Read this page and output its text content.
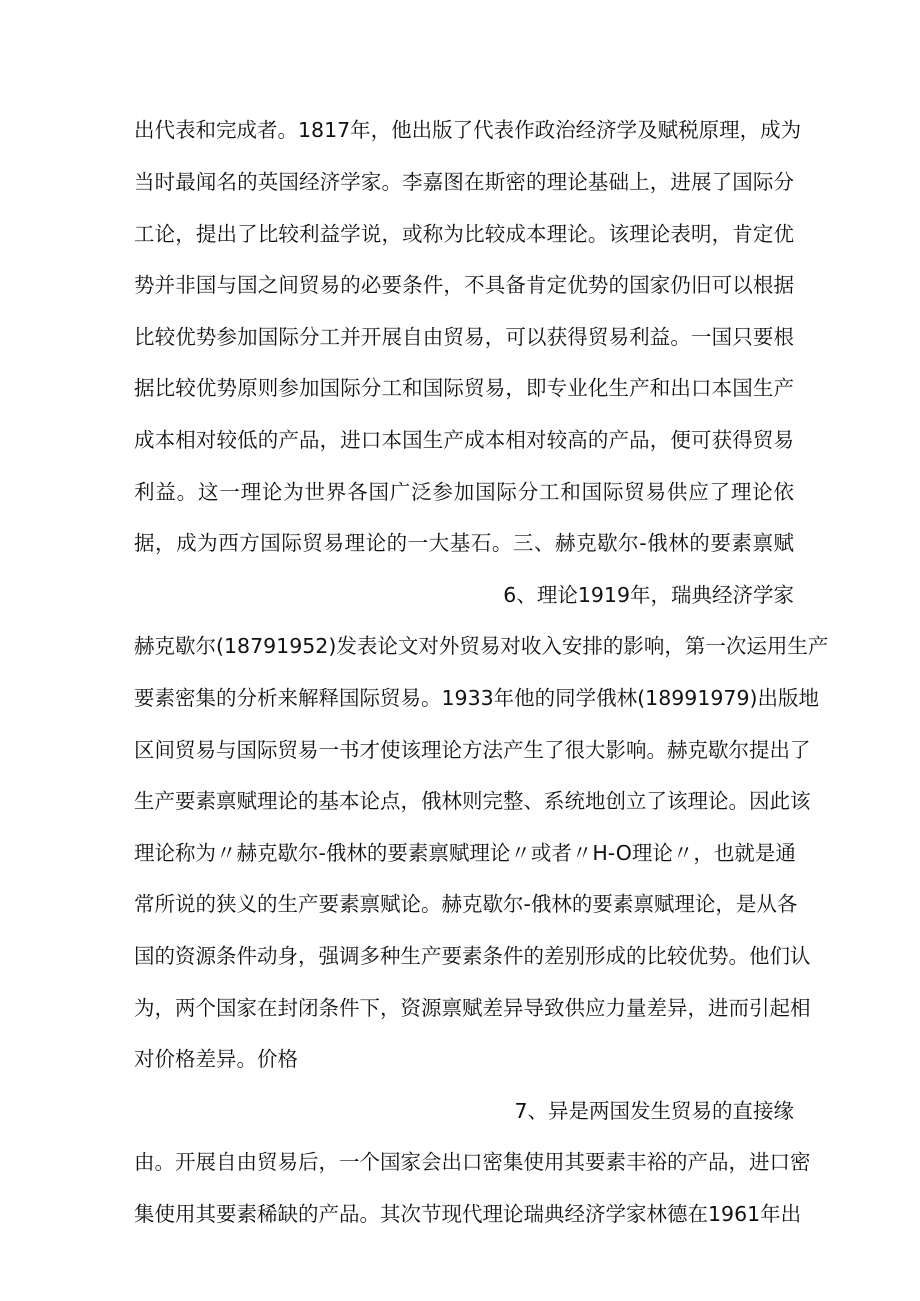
出代表和完成者。1817年，他出版了代表作政治经济学及赋税原理，成为
当时最闻名的英国经济学家。李嘉图在斯密的理论基础上，进展了国际分
工论，提出了比较利益学说，或称为比较成本理论。该理论表明，肯定优
势并非国与国之间贸易的必要条件，不具备肯定优势的国家仍旧可以根据
比较优势参加国际分工并开展自由贸易，可以获得贸易利益。一国只要根
据比较优势原则参加国际分工和国际贸易，即专业化生产和出口本国生产
成本相对较低的产品，进口本国生产成本相对较高的产品，便可获得贸易
利益。这一理论为世界各国广泛参加国际分工和国际贸易供应了理论依
据，成为西方国际贸易理论的一大基石。三、赫克歇尔-俄林的要素禀赋
6、理论1919年，瑞典经济学家
赫克歇尔(18791952)发表论文对外贸易对收入安排的影响，第一次运用生产
要素密集的分析来解释国际贸易。1933年他的同学俄林(18991979)出版地
区间贸易与国际贸易一书才使该理论方法产生了很大影响。赫克歇尔提出了
生产要素禀赋理论的基本论点，俄林则完整、系统地创立了该理论。因此该
理论称为〃赫克歇尔-俄林的要素禀赋理论〃或者〃H-O理论〃，也就是通
常所说的狭义的生产要素禀赋论。赫克歇尔-俄林的要素禀赋理论，是从各
国的资源条件动身，强调多种生产要素条件的差别形成的比较优势。他们认
为，两个国家在封闭条件下，资源禀赋差异导致供应力量差异，进而引起相
对价格差异。价格
7、异是两国发生贸易的直接缘
由。开展自由贸易后，一个国家会出口密集使用其要素丰裕的产品，进口密
集使用其要素稀缺的产品。其次节现代理论瑞典经济学家林德在1961年出
